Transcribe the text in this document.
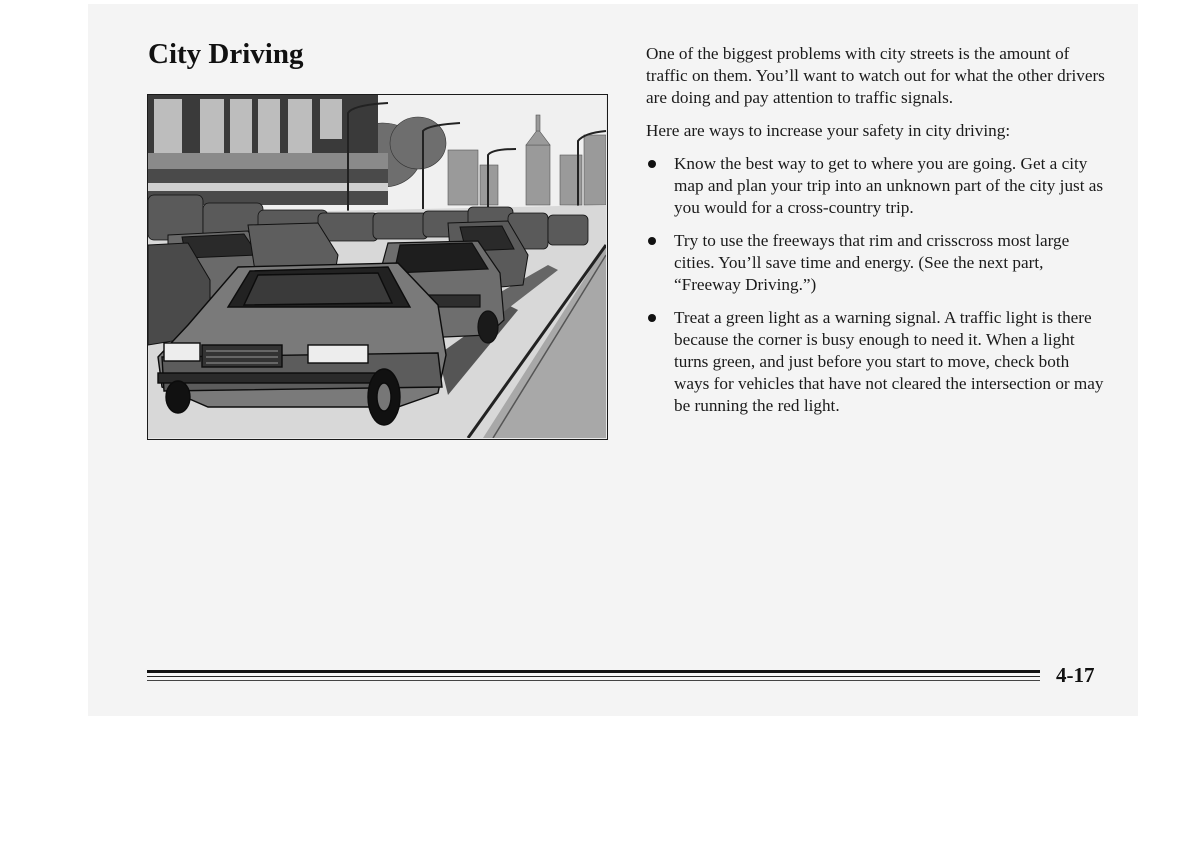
City Driving	One of the biggest problems with city streets is the amount of traffic on them. You’ll want to watch out for what the other drivers are doing and pay attention to traffic signals.

Here are ways to increase your safety in city driving:

Know the best way to get to where you are going. Get a city map and plan your trip into an unknown part of the city just as you would for a cross-country trip.
Try to use the freeways that rim and crisscross most large cities. You’ll save time and energy. (See the next part, “Freeway Driving.”)
Treat a green light as a warning signal. A traffic light is there because the corner is busy enough to need it. When a light turns green, and just before you start to move, check both ways for vehicles that have not cleared the intersection or may be running the red light.
4-17
